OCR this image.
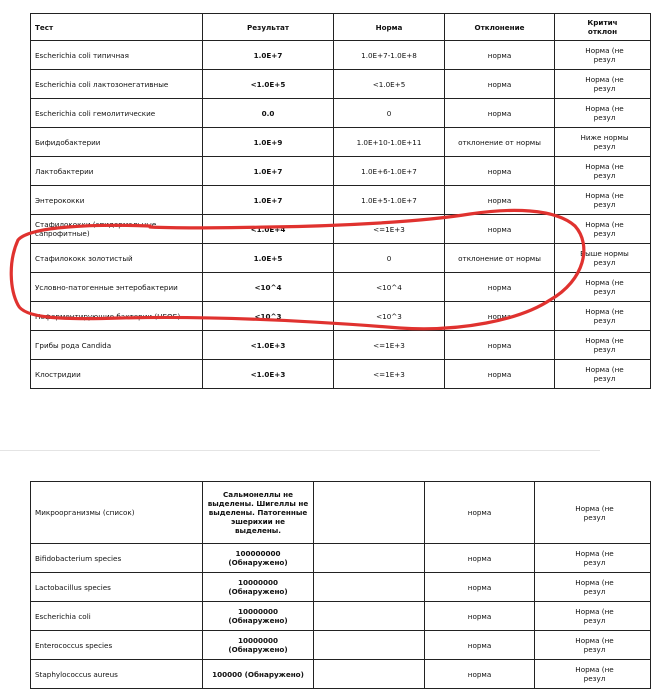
Тест	Результат	Норма	Отклонение	Критич
отклон
Escherichia coli типичная	1.0E+7	1.0E+7-1.0E+8	норма	Норма (не
резул
Escherichia coli лактозонегативные	<1.0E+5	<1.0E+5	норма	Норма (не
резул
Escherichia coli гемолитические	0.0	0	норма	Норма (не
резул
Бифидобактерии	1.0E+9	1.0E+10-1.0E+11	отклонение от нормы	Ниже нормы
резул
Лактобактерии	1.0E+7	1.0E+6-1.0E+7	норма	Норма (не
резул
Энтерококки	1.0E+7	1.0E+5-1.0E+7	норма	Норма (не
резул
Стафилококки (эпидермальные,
сапрофитные)	<1.0E+4	<=1E+3	норма	Норма (не
резул
Стафилококк золотистый	1.0E+5	0	отклонение от нормы	Выше нормы
резул
Условно-патогенные энтеробактерии	<10^4	<10^4	норма	Норма (не
резул
Неферментирующие бактерии (НГОБ)	<10^3	<10^3	норма	Норма (не
резул
Грибы рода Candida	<1.0E+3	<=1E+3	норма	Норма (не
резул
Клостридии	<1.0E+3	<=1E+3	норма	Норма (не
резул
Микроорганизмы (список)	Сальмонеллы не
выделены. Шигеллы не
выделены. Патогенные
эшерихии не
выделены.		норма	Норма (не
резул
Bifidobacterium species	100000000
(Обнаружено)		норма	Норма (не
резул
Lactobacillus species	10000000
(Обнаружено)		норма	Норма (не
резул
Escherichia coli	10000000
(Обнаружено)		норма	Норма (не
резул
Enterococcus species	10000000
(Обнаружено)		норма	Норма (не
резул
Staphylococcus aureus	100000 (Обнаружено)		норма	Норма (не
резул
